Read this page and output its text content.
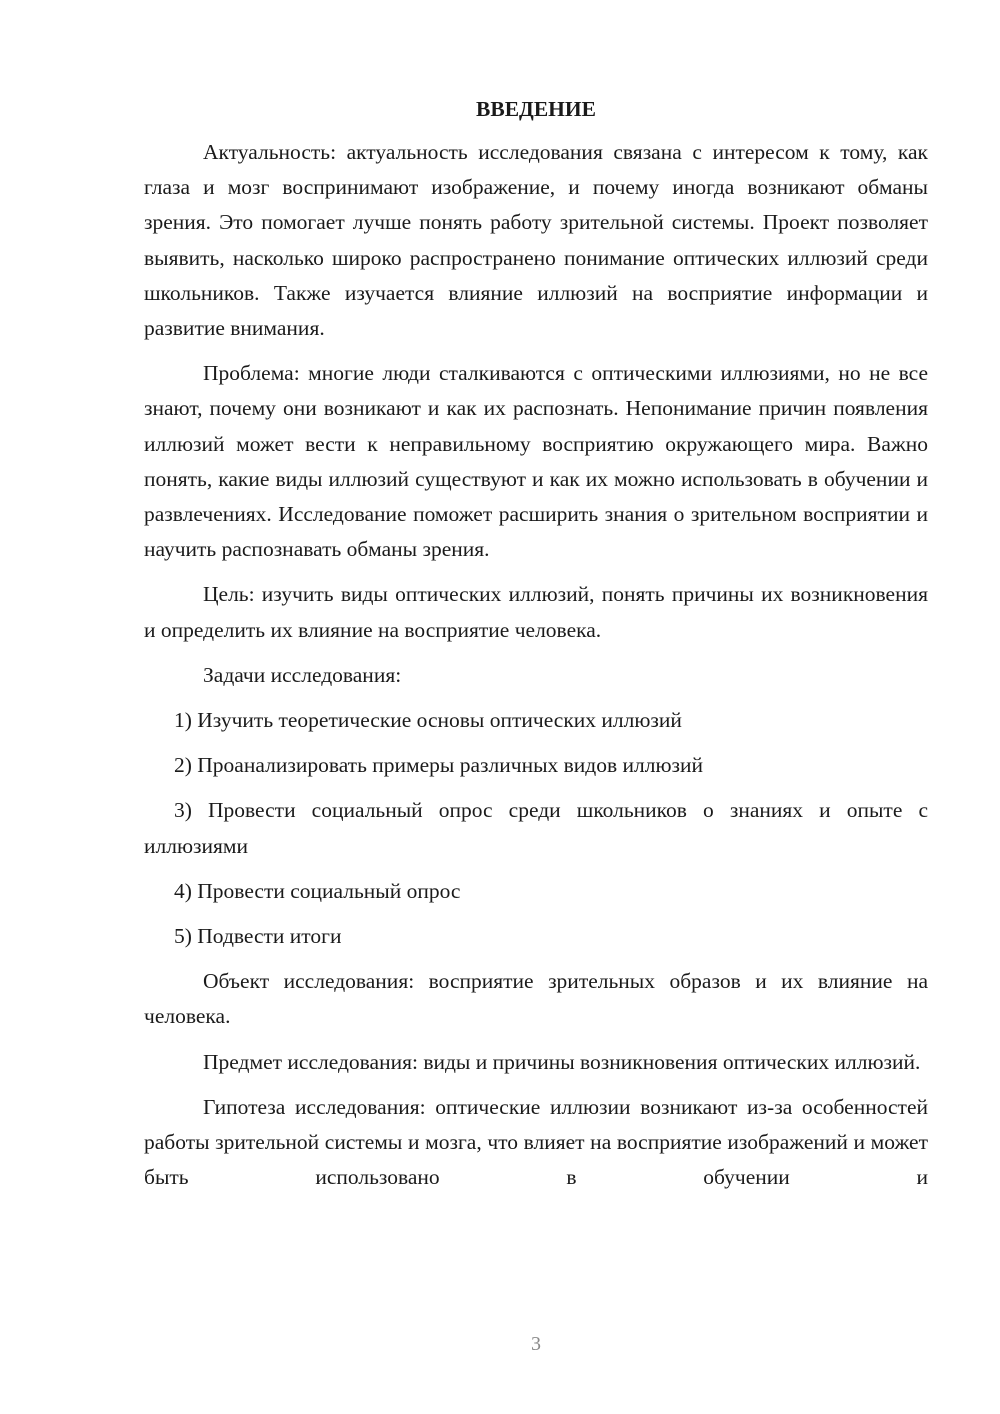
ВВЕДЕНИЕ

Актуальность: актуальность исследования связана с интересом к тому, как глаза и мозг воспринимают изображение, и почему иногда возникают обманы зрения. Это помогает лучше понять работу зрительной системы. Проект позволяет выявить, насколько широко распространено понимание оптических иллюзий среди школьников. Также изучается влияние иллюзий на восприятие информации и развитие внимания.

Проблема: многие люди сталкиваются с оптическими иллюзиями, но не все знают, почему они возникают и как их распознать. Непонимание причин появления иллюзий может вести к неправильному восприятию окружающего мира. Важно понять, какие виды иллюзий существуют и как их можно использовать в обучении и развлечениях. Исследование поможет расширить знания о зрительном восприятии и научить распознавать обманы зрения.

Цель: изучить виды оптических иллюзий, понять причины их возникновения и определить их влияние на восприятие человека.

Задачи исследования:

1) Изучить теоретические основы оптических иллюзий

2) Проанализировать примеры различных видов иллюзий

3) Провести социальный опрос среди школьников о знаниях и опыте с иллюзиями

4) Провести социальный опрос

5) Подвести итоги

Объект исследования: восприятие зрительных образов и их влияние на человека.

Предмет исследования: виды и причины возникновения оптических иллюзий.

Гипотеза исследования: оптические иллюзии возникают из-за особенностей работы зрительной системы и мозга, что влияет на восприятие изображений и может быть использовано в обучении и

3
